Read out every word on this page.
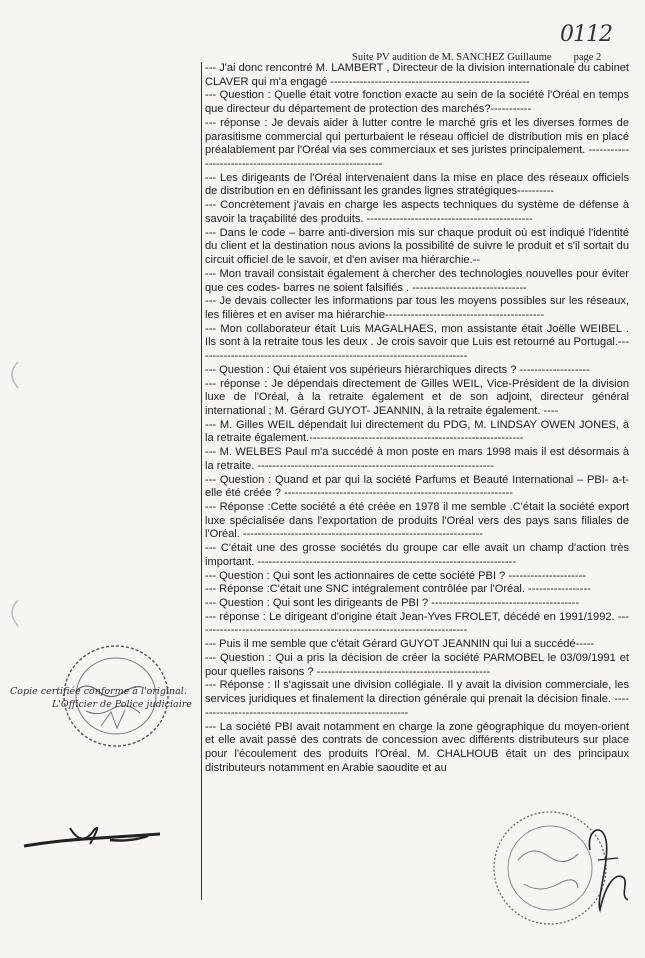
0112
Suite PV audition de M. SANCHEZ Guillaume page 2
--- J'ai donc rencontré M. LAMBERT , Directeur de la division internationale du cabinet CLAVER qui m'a engagé ------------------------------------------------------
--- Question : Quelle était votre fonction exacte au sein de la société l'Oréal en temps que directeur du département de protection des marchés?-----------
--- réponse : Je devais aider à lutter contre le marché gris et les diverses formes de parasitisme commercial qui perturbaient le réseau officiel de distribution mis en placé préalablement par l'Oréal via ses commerciaux et ses juristes principalement. -----------------------------------------------------------
--- Les dirigeants de l'Oréal intervenaient dans la mise en place des réseaux officiels de distribution en en définissant les grandes lignes stratégiques----------
--- Concrètement j'avais en charge les aspects techniques du système de défense à savoir la traçabilité des produits. ---------------------------------------------
--- Dans le code – barre anti-diversion mis sur chaque produit où est indiqué l'identité du client et la destination nous avions la possibilité de suivre le produit et s'il sortait du circuit officiel de le savoir, et d'en aviser ma hiérarchie.--
--- Mon travail consistait également à chercher des technologies nouvelles pour éviter que ces codes- barres ne soient falsifiés . -------------------------------
--- Je devais collecter les informations par tous les moyens possibles sur les réseaux, les filières et en aviser ma hiérarchie-------------------------------------------
--- Mon collaborateur était Luis MAGALHAES, mon assistante était Joëlle WEIBEL . Ils sont à la retraite tous les deux . Je crois savoir que Luis est retourné au Portugal.--------------------------------------------------------------------------
--- Question : Qui étaient vos supérieurs hiérarchiques directs ? -------------------
--- réponse : Je dépendais directement de Gilles WEIL, Vice-Président de la division luxe de l'Oréal, à la retraite également et de son adjoint, directeur général international ; M. Gérard GUYOT- JEANNIN, à la retraite également. ----
--- M. Gilles WEIL dépendait lui directement du PDG, M. LINDSAY OWEN JONES, à la retraite également.----------------------------------------------------------
--- M. WELBES Paul m'a succédé à mon poste en mars 1998 mais il est désormais à la retraite. ----------------------------------------------------------------
--- Question : Quand et par qui la société Parfums et Beauté International – PBI- a-t-elle été créée ? --------------------------------------------------------------
--- Réponse :Cette société a été créée en 1978 il me semble .C'était la société export luxe spécialisée dans l'exportation de produits l'Oréal vers des pays sans filiales de l'Oréal. -----------------------------------------------------------------
--- C'était une des grosse sociétés du groupe car elle avait un champ d'action très important. ----------------------------------------------------------------------
--- Question : Qui sont les actionnaires de cette société PBI ? ---------------------
--- Réponse :C'était une SNC intégralement contrôlée par l'Oréal. -----------------
--- Question : Qui sont les dirigeants de PBI ? ----------------------------------------
--- réponse : Le dirigeant d'origine était Jean-Yves FROLET, décédé en 1991/1992. --------------------------------------------------------------------------
--- Puis il me semble que c'était Gérard GUYOT JEANNIN qui lui a succédé-----
--- Question : Qui a pris la décision de créer la société PARMOBEL le 03/09/1991 et pour quelles raisons ? -----------------------------------------------
--- Réponse : Il s'agissait une division collégiale. Il y avait la division commerciale, les services juridiques et finalement la direction générale qui prenait la décision finale. -----------------------------------------------------------
--- La société PBI avait notamment en charge la zone géographique du moyen-orient et elle avait passé des contrats de concession avec différents distributeurs sur place pour l'écoulement des produits l'Oréal. M. CHALHOUB était un des principaux distributeurs notamment en Arabie saoudite et au
Copie certifiée conforme à l'original.
L'Officier de Police judiciaire
